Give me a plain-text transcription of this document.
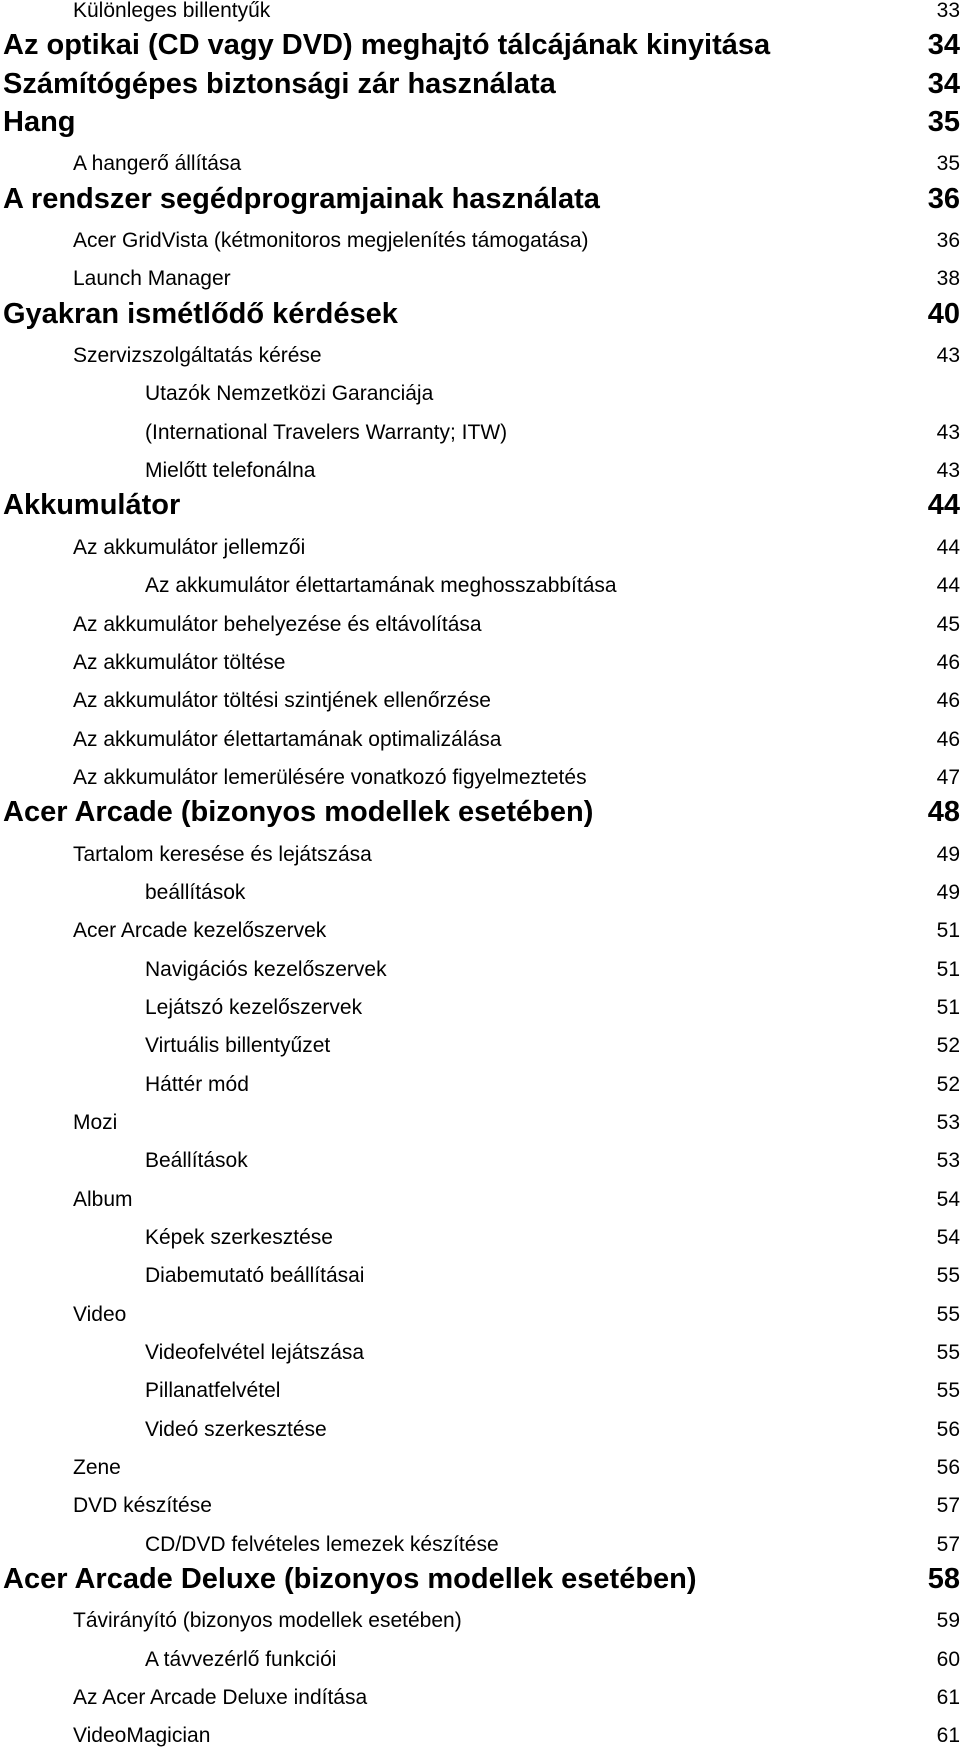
Különleges billentyűk	33
Az optikai (CD vagy DVD) meghajtó tálcájának kinyitása	34
Számítógépes biztonsági zár használata	34
Hang	35
A hangerő állítása	35
A rendszer segédprogramjainak használata	36
Acer GridVista (kétmonitoros megjelenítés támogatása)	36
Launch Manager	38
Gyakran ismétlődő kérdések	40
Szervizszolgáltatás kérése	43
Utazók Nemzetközi Garanciája
(International Travelers Warranty; ITW)	43
Mielőtt telefonálna	43
Akkumulátor	44
Az akkumulátor jellemzői	44
Az akkumulátor élettartamának meghosszabbítása	44
Az akkumulátor behelyezése és eltávolítása	45
Az akkumulátor töltése	46
Az akkumulátor töltési szintjének ellenőrzése	46
Az akkumulátor élettartamának optimalizálása	46
Az akkumulátor lemerülésére vonatkozó figyelmeztetés	47
Acer Arcade (bizonyos modellek esetében)	48
Tartalom keresése és lejátszása	49
beállítások	49
Acer Arcade kezelőszervek	51
Navigációs kezelőszervek	51
Lejátszó kezelőszervek	51
Virtuális billentyűzet	52
Háttér mód	52
Mozi	53
Beállítások	53
Album	54
Képek szerkesztése	54
Diabemutató beállításai	55
Video	55
Videofelvétel lejátszása	55
Pillanatfelvétel	55
Videó szerkesztése	56
Zene	56
DVD készítése	57
CD/DVD felvételes lemezek készítése	57
Acer Arcade Deluxe (bizonyos modellek esetében)	58
Távirányító (bizonyos modellek esetében)	59
A távvezérlő funkciói	60
Az Acer Arcade Deluxe indítása	61
VideoMagician	61
